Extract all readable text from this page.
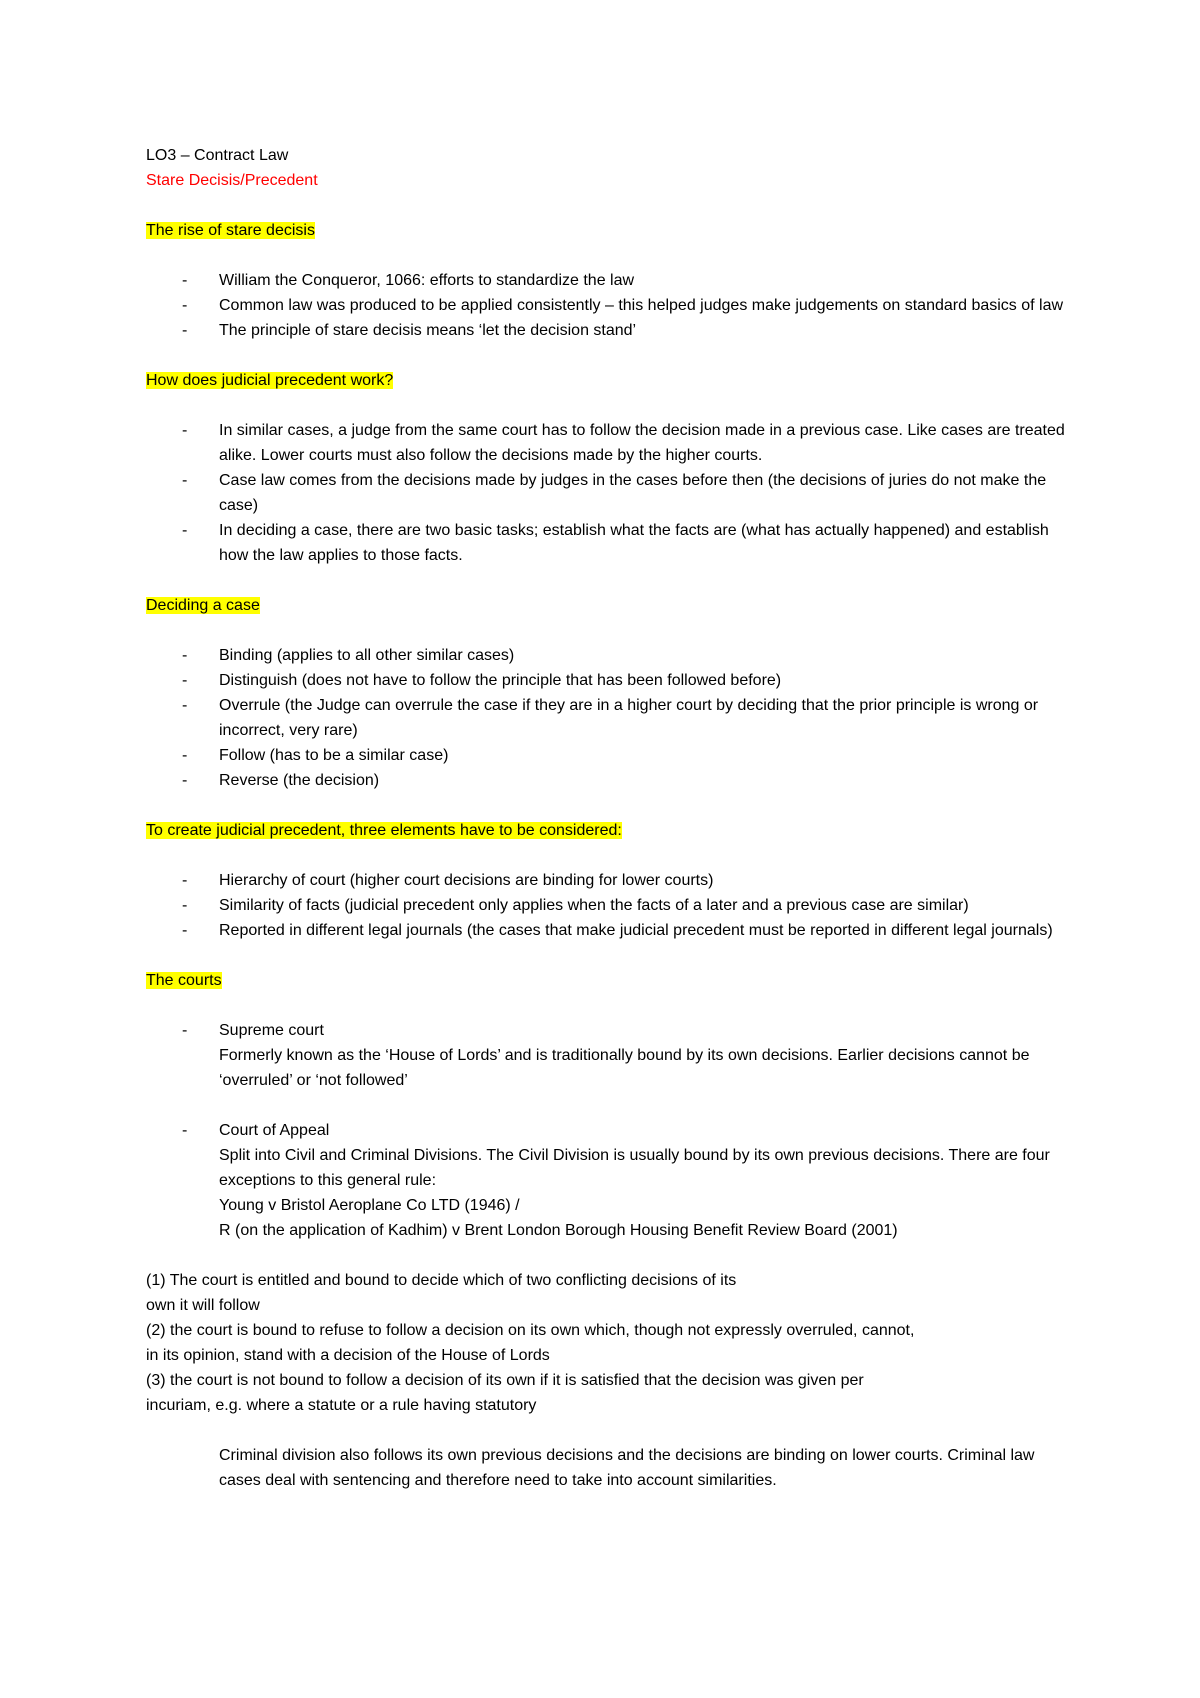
LO3 – Contract Law
Stare Decisis/Precedent
The rise of stare decisis
- William the Conqueror, 1066: efforts to standardize the law
- Common law was produced to be applied consistently – this helped judges make judgements on standard basics of law
- The principle of stare decisis means ‘let the decision stand’
How does judicial precedent work?
- In similar cases, a judge from the same court has to follow the decision made in a previous case. Like cases are treated alike. Lower courts must also follow the decisions made by the higher courts.
- Case law comes from the decisions made by judges in the cases before then (the decisions of juries do not make the case)
- In deciding a case, there are two basic tasks; establish what the facts are (what has actually happened) and establish how the law applies to those facts.
Deciding a case
- Binding (applies to all other similar cases)
- Distinguish (does not have to follow the principle that has been followed before)
- Overrule (the Judge can overrule the case if they are in a higher court by deciding that the prior principle is wrong or incorrect, very rare)
- Follow (has to be a similar case)
- Reverse (the decision)
To create judicial precedent, three elements have to be considered:
- Hierarchy of court (higher court decisions are binding for lower courts)
- Similarity of facts (judicial precedent only applies when the facts of a later and a previous case are similar)
- Reported in different legal journals (the cases that make judicial precedent must be reported in different legal journals)
The courts
- Supreme court
Formerly known as the ‘House of Lords’ and is traditionally bound by its own decisions. Earlier decisions cannot be ‘overruled’ or ‘not followed’
- Court of Appeal
Split into Civil and Criminal Divisions. The Civil Division is usually bound by its own previous decisions. There are four exceptions to this general rule:
Young v Bristol Aeroplane Co LTD (1946) /
R (on the application of Kadhim) v Brent London Borough Housing Benefit Review Board (2001)
(1) The court is entitled and bound to decide which of two conflicting decisions of its
own it will follow
(2) the court is bound to refuse to follow a decision on its own which, though not expressly overruled, cannot,
in its opinion, stand with a decision of the House of Lords
(3) the court is not bound to follow a decision of its own if it is satisfied that the decision was given per
incuriam, e.g. where a statute or a rule having statutory
Criminal division also follows its own previous decisions and the decisions are binding on lower courts. Criminal law cases deal with sentencing and therefore need to take into account similarities.
